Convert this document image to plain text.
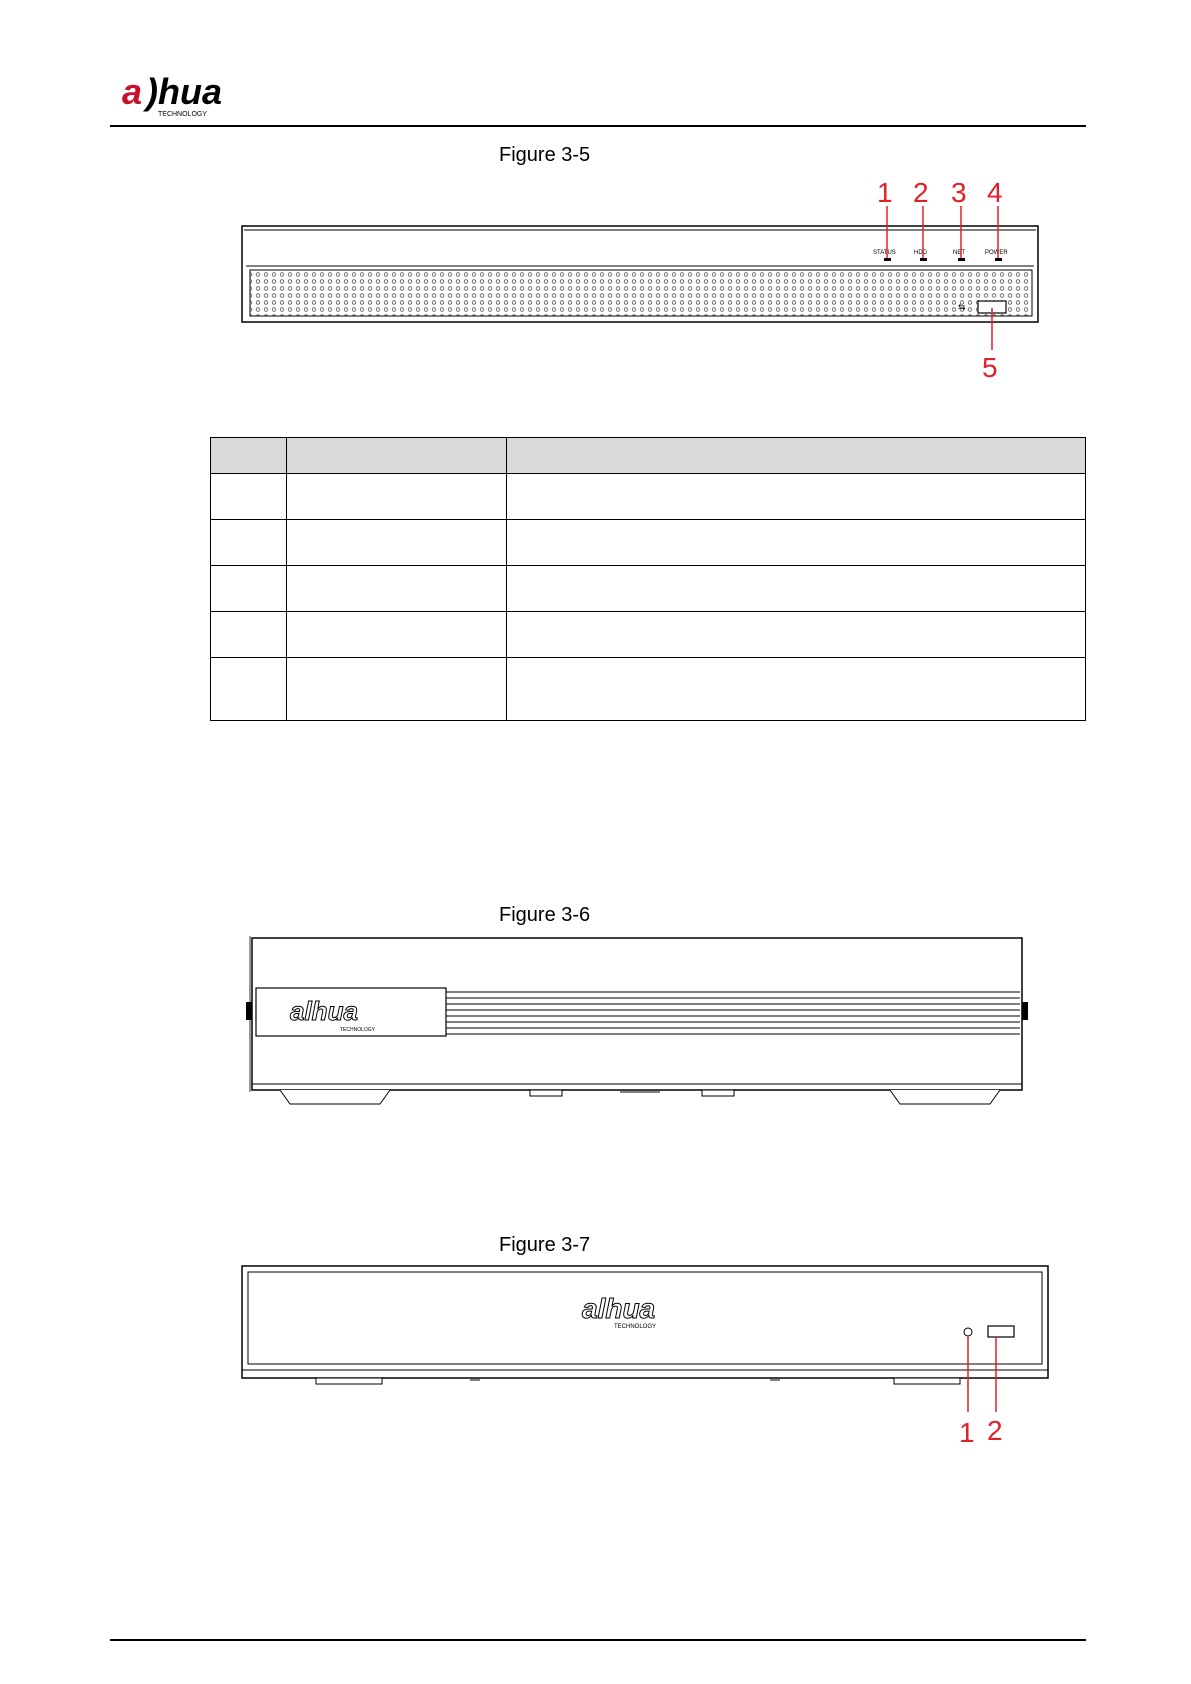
a )hua
TECHNOLOGY
Figure 3-5
STATUS	HDD	NET	POWER
⇆
1 2 3 4
5

Figure 3-6
alhua
TECHNOLOGY
Figure 3-7
alhua
TECHNOLOGY
1 2
